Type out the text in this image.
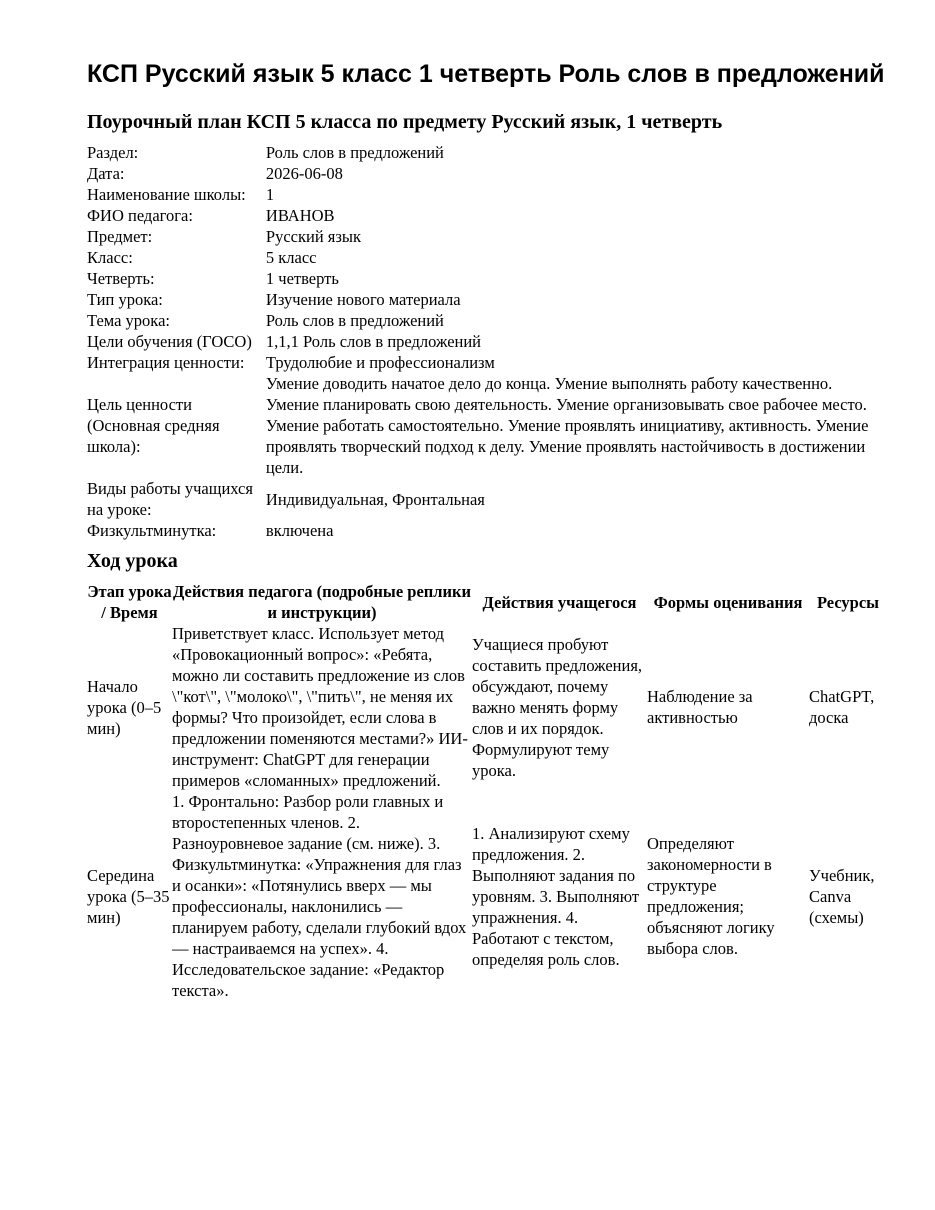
КСП Русский язык 5 класс 1 четверть Роль слов в предложений
Поурочный план КСП 5 класса по предмету Русский язык, 1 четверть
Раздел:	Роль слов в предложений
Дата:	2026-06-08
Наименование школы:	1
ФИО педагога:	ИВАНОВ
Предмет:	Русский язык
Класс:	5 класс
Четверть:	1 четверть
Тип урока:	Изучение нового материала
Тема урока:	Роль слов в предложений
Цели обучения (ГОСО)	1,1,1 Роль слов в предложений
Интеграция ценности:	Трудолюбие и профессионализм
Цель ценности (Основная средняя школа):	Умение доводить начатое дело до конца. Умение выполнять работу качественно. Умение планировать свою деятельность. Умение организовывать свое рабочее место. Умение работать самостоятельно. Умение проявлять инициативу, активность. Умение проявлять творческий подход к делу. Умение проявлять настойчивость в достижении цели.
Виды работы учащихся на уроке:	Индивидуальная, Фронтальная
Физкультминутка:	включена
Ход урока
Этап урока / Время	Действия педагога (подробные реплики и инструкции)	Действия учащегося	Формы оценивания	Ресурсы
Начало урока (0–5 мин)	Приветствует класс. Использует метод «Провокационный вопрос»: «Ребята, можно ли составить предложение из слов \"кот\", \"молоко\", \"пить\", не меняя их формы? Что произойдет, если слова в предложении поменяются местами?» ИИ-инструмент: ChatGPT для генерации примеров «сломанных» предложений.	Учащиеся пробуют составить предложения, обсуждают, почему важно менять форму слов и их порядок. Формулируют тему урока.	Наблюдение за активностью	ChatGPT, доска
Середина урока (5–35 мин)	1. Фронтально: Разбор роли главных и второстепенных членов. 2. Разноуровневое задание (см. ниже). 3. Физкультминутка: «Упражнения для глаз и осанки»: «Потянулись вверх — мы профессионалы, наклонились — планируем работу, сделали глубокий вдох — настраиваемся на успех». 4. Исследовательское задание: «Редактор текста».	1. Анализируют схему предложения. 2. Выполняют задания по уровням. 3. Выполняют упражнения. 4. Работают с текстом, определяя роль слов.	Определяют закономерности в структуре предложения; объясняют логику выбора слов.	Учебник, Canva (схемы)
